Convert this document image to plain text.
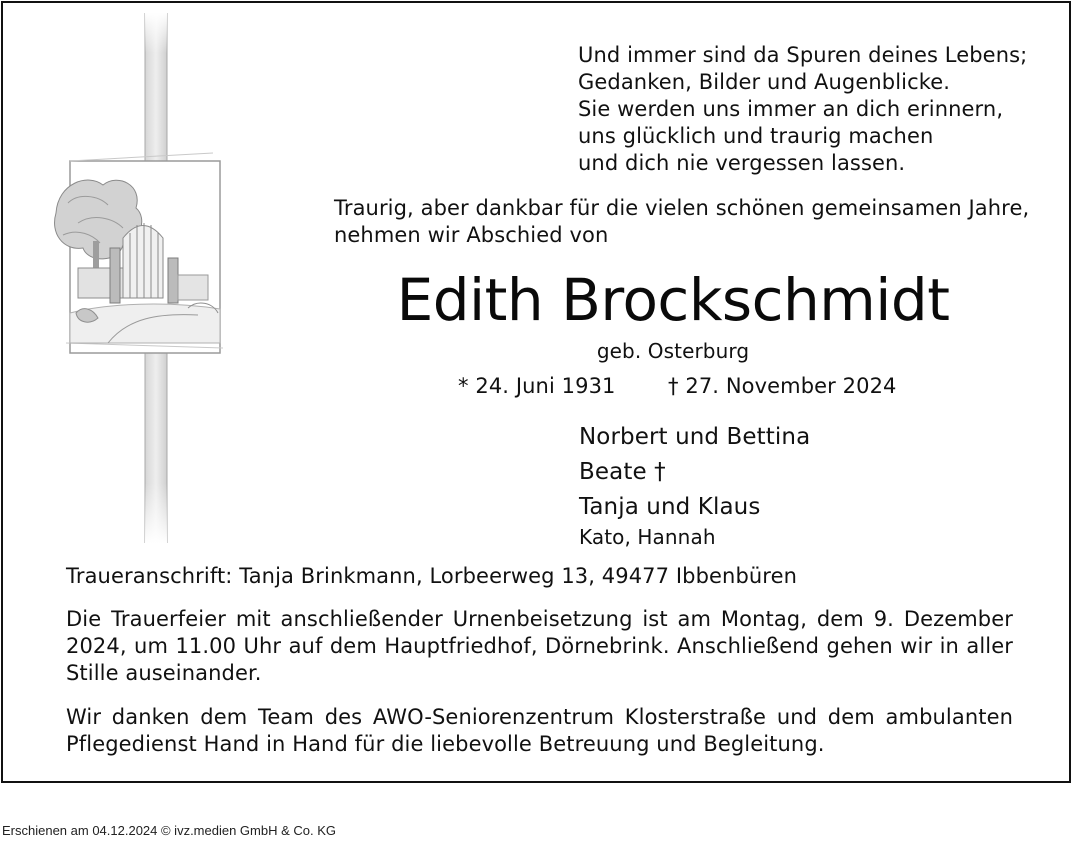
Und immer sind da Spuren deines Lebens;
Gedanken, Bilder und Augenblicke.
Sie werden uns immer an dich erinnern,
uns glücklich und traurig machen
und dich nie vergessen lassen.
Traurig, aber dankbar für die vielen schönen gemeinsamen Jahre,
nehmen wir Abschied von
Edith Brockschmidt
geb. Osterburg
* 24. Juni 1931 † 27. November 2024
Norbert und Bettina
Beate †
Tanja und Klaus
Kato, Hannah
Traueranschrift: Tanja Brinkmann, Lorbeerweg 13, 49477 Ibbenbüren
Die Trauerfeier mit anschließender Urnenbeisetzung ist am Montag, dem 9. Dezember 2024, um 11.00 Uhr auf dem Hauptfriedhof, Dörnebrink. Anschließend gehen wir in aller Stille auseinander.
Wir danken dem Team des AWO-Seniorenzentrum Klosterstraße und dem ambulanten Pflegedienst Hand in Hand für die liebevolle Betreuung und Begleitung.
Erschienen am 04.12.2024 © ivz.medien GmbH & Co. KG
